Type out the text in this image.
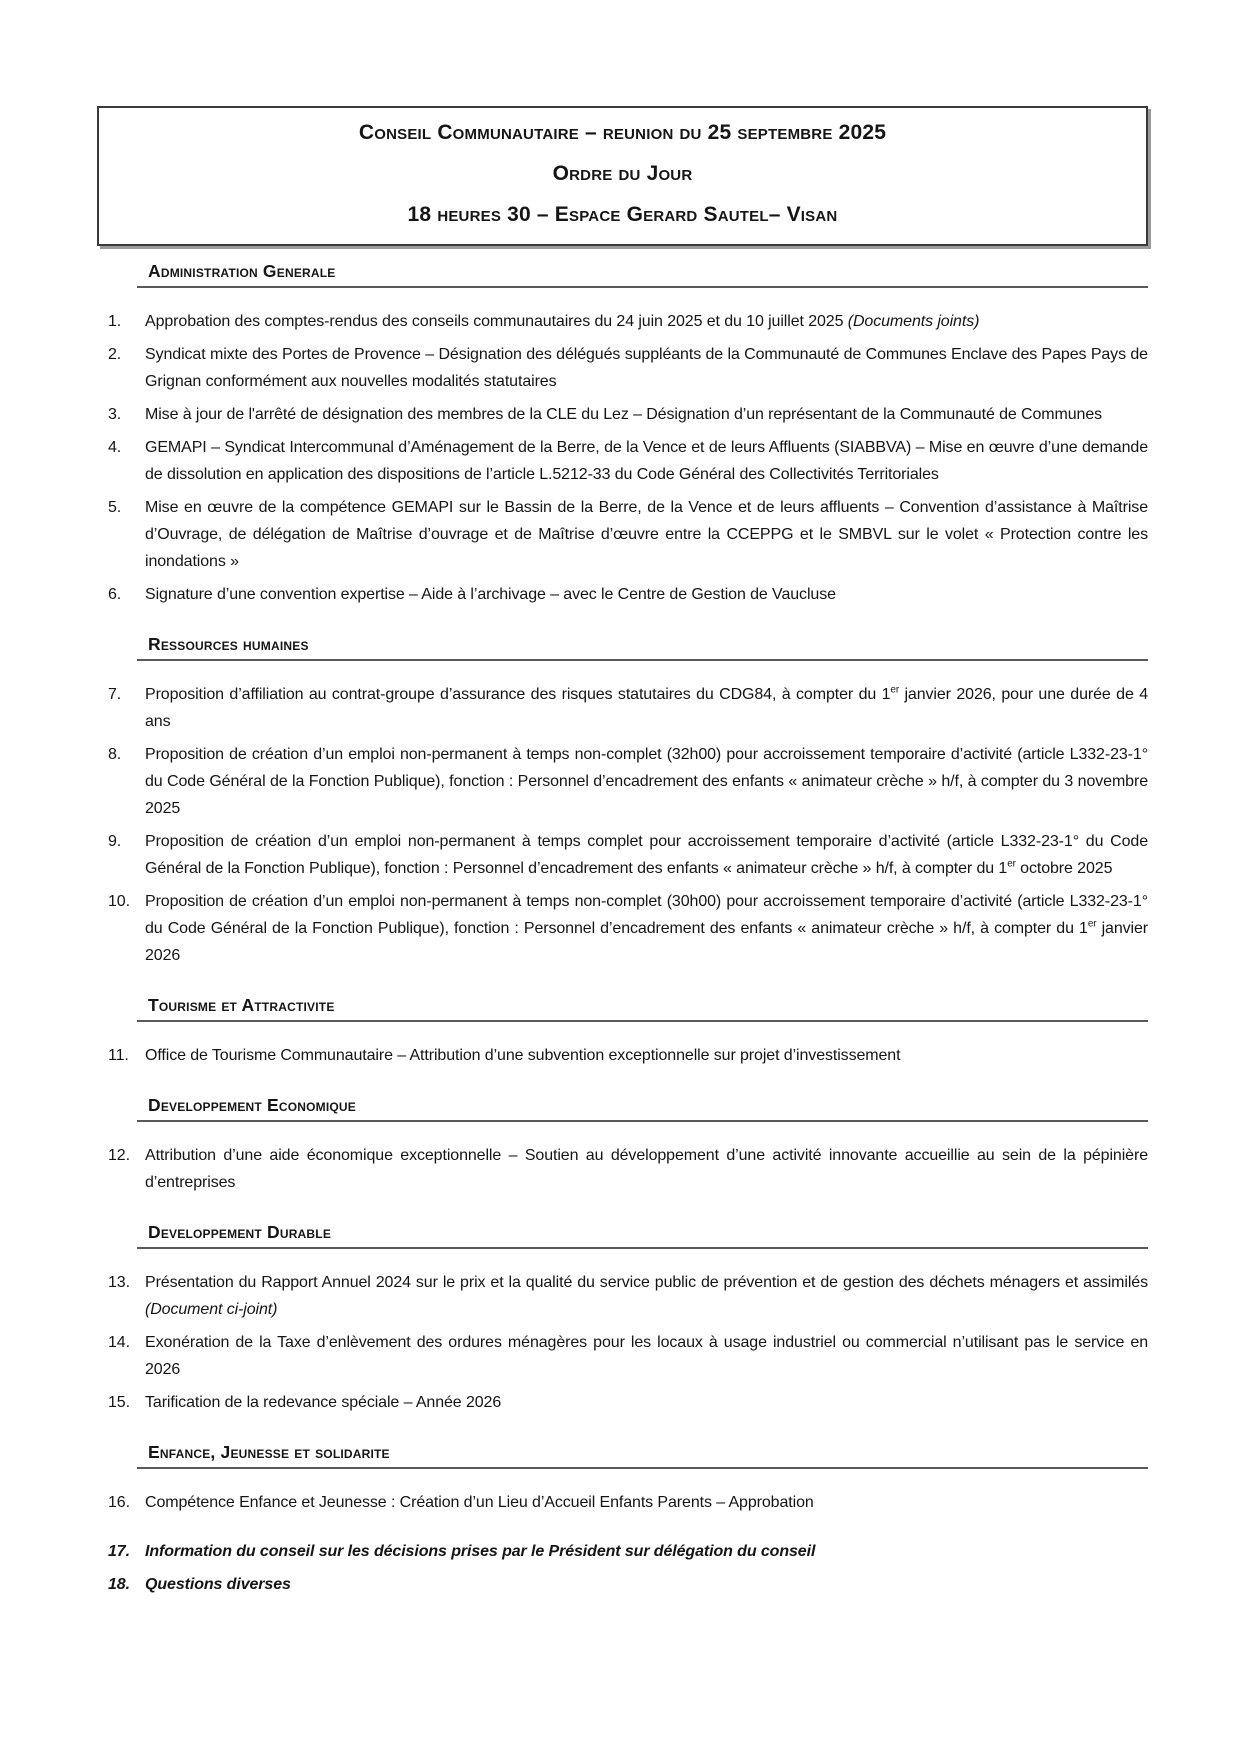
Conseil Communautaire – reunion du 25 septembre 2025
Ordre du Jour
18 heures 30 – Espace Gerard Sautel– Visan
Administration Generale
1.	Approbation des comptes-rendus des conseils communautaires du 24 juin 2025 et du 10 juillet 2025 (Documents joints)
2.	Syndicat mixte des Portes de Provence – Désignation des délégués suppléants de la Communauté de Communes Enclave des Papes Pays de Grignan conformément aux nouvelles modalités statutaires
3.	Mise à jour de l'arrêté de désignation des membres de la CLE du Lez – Désignation d’un représentant de la Communauté de Communes
4.	GEMAPI – Syndicat Intercommunal d’Aménagement de la Berre, de la Vence et de leurs Affluents (SIABBVA) – Mise en œuvre d’une demande de dissolution en application des dispositions de l’article L.5212-33 du Code Général des Collectivités Territoriales
5.	Mise en œuvre de la compétence GEMAPI sur le Bassin de la Berre, de la Vence et de leurs affluents – Convention d’assistance à Maîtrise d’Ouvrage, de délégation de Maîtrise d’ouvrage et de Maîtrise d’œuvre entre la CCEPPG et le SMBVL sur le volet « Protection contre les inondations »
6.	Signature d’une convention expertise – Aide à l’archivage – avec le Centre de Gestion de Vaucluse
Ressources humaines
7.	Proposition d’affiliation au contrat-groupe d’assurance des risques statutaires du CDG84, à compter du 1er janvier 2026, pour une durée de 4 ans
8.	Proposition de création d’un emploi non-permanent à temps non-complet (32h00) pour accroissement temporaire d’activité (article L332-23-1° du Code Général de la Fonction Publique), fonction : Personnel d’encadrement des enfants « animateur crèche » h/f, à compter du 3 novembre 2025
9.	Proposition de création d’un emploi non-permanent à temps complet pour accroissement temporaire d’activité (article L332-23-1° du Code Général de la Fonction Publique), fonction : Personnel d’encadrement des enfants « animateur crèche » h/f, à compter du 1er octobre 2025
10. Proposition de création d’un emploi non-permanent à temps non-complet (30h00) pour accroissement temporaire d’activité (article L332-23-1° du Code Général de la Fonction Publique), fonction : Personnel d’encadrement des enfants « animateur crèche » h/f, à compter du 1er janvier 2026
Tourisme et Attractivite
11.	Office de Tourisme Communautaire – Attribution d’une subvention exceptionnelle sur projet d’investissement
Developpement Economique
12. Attribution d’une aide économique exceptionnelle – Soutien au développement d’une activité innovante accueillie au sein de la pépinière d’entreprises
Developpement Durable
13. Présentation du Rapport Annuel 2024 sur le prix et la qualité du service public de prévention et de gestion des déchets ménagers et assimilés (Document ci-joint)
14. Exonération de la Taxe d’enlèvement des ordures ménagères pour les locaux à usage industriel ou commercial n’utilisant pas le service en 2026
15. Tarification de la redevance spéciale – Année 2026
Enfance, Jeunesse et solidarite
16. Compétence Enfance et Jeunesse : Création d’un Lieu d’Accueil Enfants Parents – Approbation
17. Information du conseil sur les décisions prises par le Président sur délégation du conseil
18. Questions diverses
